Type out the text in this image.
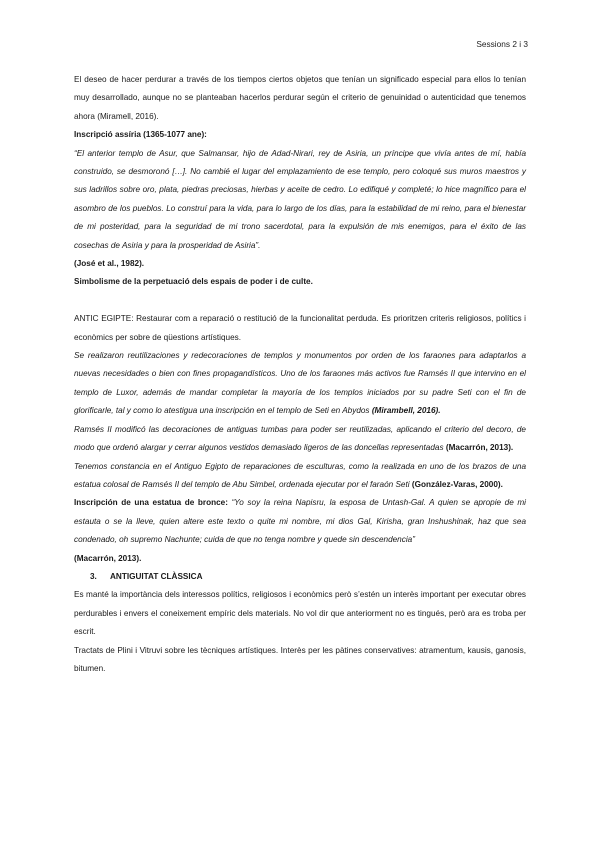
Sessions 2 i 3

El deseo de hacer perdurar a través de los tiempos ciertos objetos que tenían un significado especial para ellos lo tenían muy desarrollado, aunque no se planteaban hacerlos perdurar según el criterio de genuinidad o autenticidad que tenemos ahora (Miramell, 2016).

Inscripció assíria (1365-1077 ane):

“El anterior templo de Asur, que Salmansar, hijo de Adad-Nirari, rey de Asiria, un príncipe que vivía antes de mí, había construido, se desmoronó […]. No cambié el lugar del emplazamiento de ese templo, pero coloqué sus muros maestros y sus ladrillos sobre oro, plata, piedras preciosas, hierbas y aceite de cedro. Lo edifiqué y completé; lo hice magnífico para el asombro de los pueblos. Lo construí para la vida, para lo largo de los días, para la estabilidad de mi reino, para el bienestar de mi posteridad, para la seguridad de mi trono sacerdotal, para la expulsión de mis enemigos, para el éxito de las cosechas de Asiria y para la prosperidad de Asiria”.

(José et al., 1982).

Simbolisme de la perpetuació dels espais de poder i de culte.

ANTIC EGIPTE: Restaurar com a reparació o restitució de la funcionalitat perduda. Es prioritzen criteris religiosos, polítics i econòmics per sobre de qüestions artístiques.

Se realizaron reutilizaciones y redecoraciones de templos y monumentos por orden de los faraones para adaptarlos a nuevas necesidades o bien con fines propagandísticos. Uno de los faraones más activos fue Ramsés II que intervino en el templo de Luxor, además de mandar completar la mayoría de los templos iniciados por su padre Seti con el fin de glorificarle, tal y como lo atestigua una inscripción en el templo de Seti en Abydos (Mirambell, 2016).

Ramsés II modificó las decoraciones de antiguas tumbas para poder ser reutilizadas, aplicando el criterio del decoro, de modo que ordenó alargar y cerrar algunos vestidos demasiado ligeros de las doncellas representadas (Macarrón, 2013).

Tenemos constancia en el Antiguo Egipto de reparaciones de esculturas, como la realizada en uno de los brazos de una estatua colosal de Ramsés II del templo de Abu Simbel, ordenada ejecutar por el faraón Seti (González-Varas, 2000).

Inscripción de una estatua de bronce: “Yo soy la reina Napisru, la esposa de Untash-Gal. A quien se apropie de mi estauta o se la lleve, quien altere este texto o quite mi nombre, mi dios Gal, Kirisha, gran Inshushinak, haz que sea condenado, oh supremo Nachunte; cuida de que no tenga nombre y quede sin descendencia”

(Macarrón, 2013).

3. ANTIGUITAT CLÀSSICA

Es manté la importància dels interessos polítics, religiosos i econòmics però s’estén un interès important per executar obres perdurables i envers el coneixement empíric dels materials. No vol dir que anteriorment no es tingués, però ara es troba per escrit.

Tractats de Plini i Vitruvi sobre les tècniques artístiques. Interès per les pàtines conservatives: atramentum, kausis, ganosis, bitumen.
